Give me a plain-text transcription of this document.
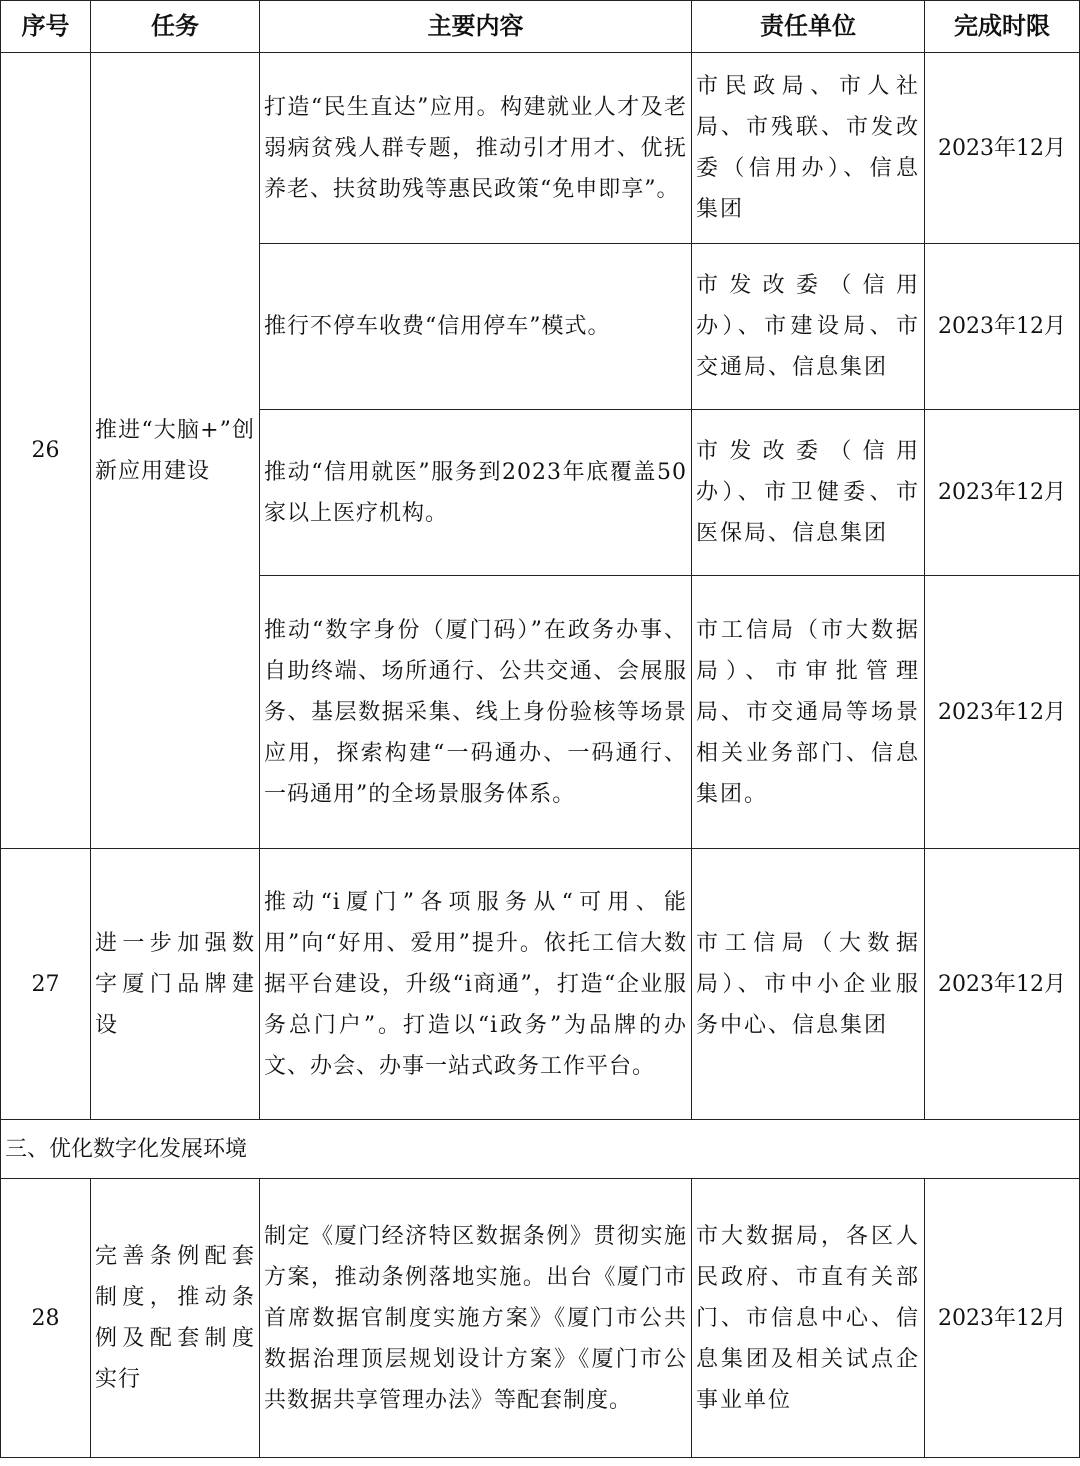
序号	任务	主要内容	责任单位	完成时限
26	推进“大脑+”创新应用建设	打造“民生直达”应用。构建就业人才及老弱病贫残人群专题，推动引才用才、优抚养老、扶贫助残等惠民政策“免申即享”。	市民政局、市人社局、市残联、市发改委（信用办）、信息集团	2023年12月
		推行不停车收费“信用停车”模式。	市发改委（信用办）、市建设局、市交通局、信息集团	2023年12月
		推动“信用就医”服务到2023年底覆盖50家以上医疗机构。	市发改委（信用办）、市卫健委、市医保局、信息集团	2023年12月
		推动“数字身份（厦门码）”在政务办事、自助终端、场所通行、公共交通、会展服务、基层数据采集、线上身份验核等场景应用，探索构建“一码通办、一码通行、一码通用”的全场景服务体系。	市工信局（市大数据局）、市审批管理局、市交通局等场景相关业务部门、信息集团。	2023年12月
27	进一步加强数字厦门品牌建设	推动“i厦门”各项服务从“可用、能用”向“好用、爱用”提升。依托工信大数据平台建设，升级“i商通”，打造“企业服务总门户”。打造以“i政务”为品牌的办文、办会、办事一站式政务工作平台。	市工信局（大数据局）、市中小企业服务中心、信息集团	2023年12月
三、优化数字化发展环境				
28	完善条例配套制度，推动条例及配套制度实行	制定《厦门经济特区数据条例》贯彻实施方案，推动条例落地实施。出台《厦门市首席数据官制度实施方案》《厦门市公共数据治理顶层规划设计方案》《厦门市公共数据共享管理办法》等配套制度。	市大数据局，各区人民政府、市直有关部门、市信息中心、信息集团及相关试点企事业单位	2023年12月
